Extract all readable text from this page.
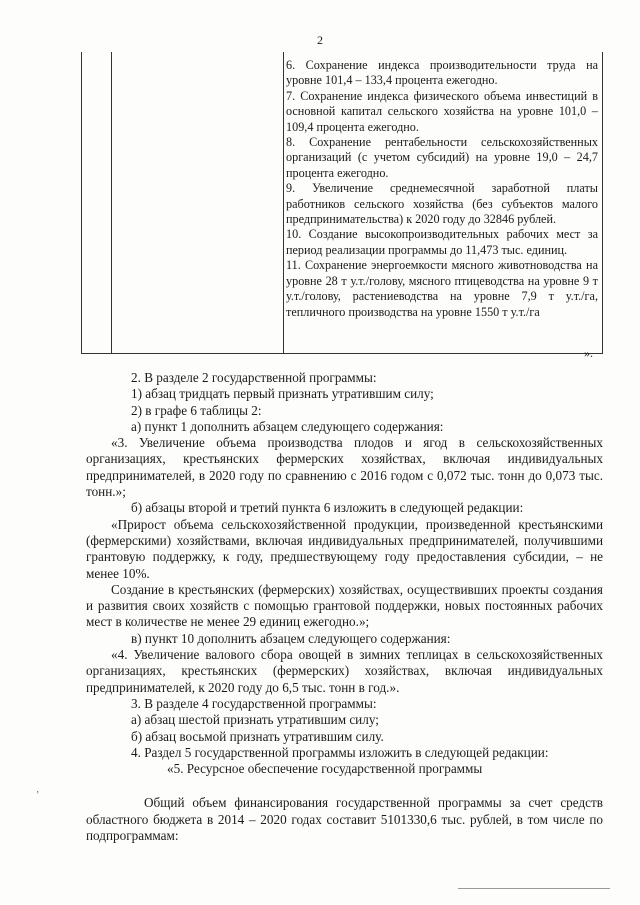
2

6. Сохранение индекса производительности труда на уровне 101,4 – 133,4 процента ежегодно.

7. Сохранение индекса физического объема инвестиций в основной капитал сельского хозяйства на уровне 101,0 – 109,4 процента ежегодно.

8. Сохранение рентабельности сельскохозяйственных организаций (с учетом субсидий) на уровне 19,0 – 24,7 процента ежегодно.

9. Увеличение среднемесячной заработной платы работников сельского хозяйства (без субъектов малого предпринимательства) к 2020 году до 32846 рублей.

10. Создание высокопроизводительных рабочих мест за период реализации программы до 11,473 тыс. единиц.

11. Сохранение энергоемкости мясного животноводства на уровне 28 т у.т./голову, мясного птицеводства на уровне 9 т у.т./голову, растениеводства на уровне 7,9 т у.т./га, тепличного производства на уровне 1550 т у.т./га

».

2. В разделе 2 государственной программы:

1) абзац тридцать первый признать утратившим силу;

2) в графе 6 таблицы 2:

а) пункт 1 дополнить абзацем следующего содержания:

«3. Увеличение объема производства плодов и ягод в сельскохозяйственных организациях, крестьянских фермерских хозяйствах, включая индивидуальных предпринимателей, в 2020 году по сравнению с 2016 годом с 0,072 тыс. тонн до 0,073 тыс. тонн.»;

б) абзацы второй и третий пункта 6 изложить в следующей редакции:

«Прирост объема сельскохозяйственной продукции, произведенной крестьянскими (фермерскими) хозяйствами, включая индивидуальных предпринимателей, получившими грантовую поддержку, к году, предшествующему году предоставления субсидии, – не менее 10%.

Создание в крестьянских (фермерских) хозяйствах, осуществивших проекты создания и развития своих хозяйств с помощью грантовой поддержки, новых постоянных рабочих мест в количестве не менее 29 единиц ежегодно.»;

в) пункт 10 дополнить абзацем следующего содержания:

«4. Увеличение валового сбора овощей в зимних теплицах в сельскохозяйственных организациях, крестьянских (фермерских) хозяйствах, включая индивидуальных предпринимателей, к 2020 году до 6,5 тыс. тонн в год.».

3. В разделе 4 государственной программы:

а) абзац шестой признать утратившим силу;

б) абзац восьмой признать утратившим силу.

4. Раздел 5 государственной программы изложить в следующей редакции:

«5. Ресурсное обеспечение государственной программы

Общий объем финансирования государственной программы за счет средств областного бюджета в 2014 – 2020 годах составит 5101330,6 тыс. рублей, в том числе по подпрограммам:

’
